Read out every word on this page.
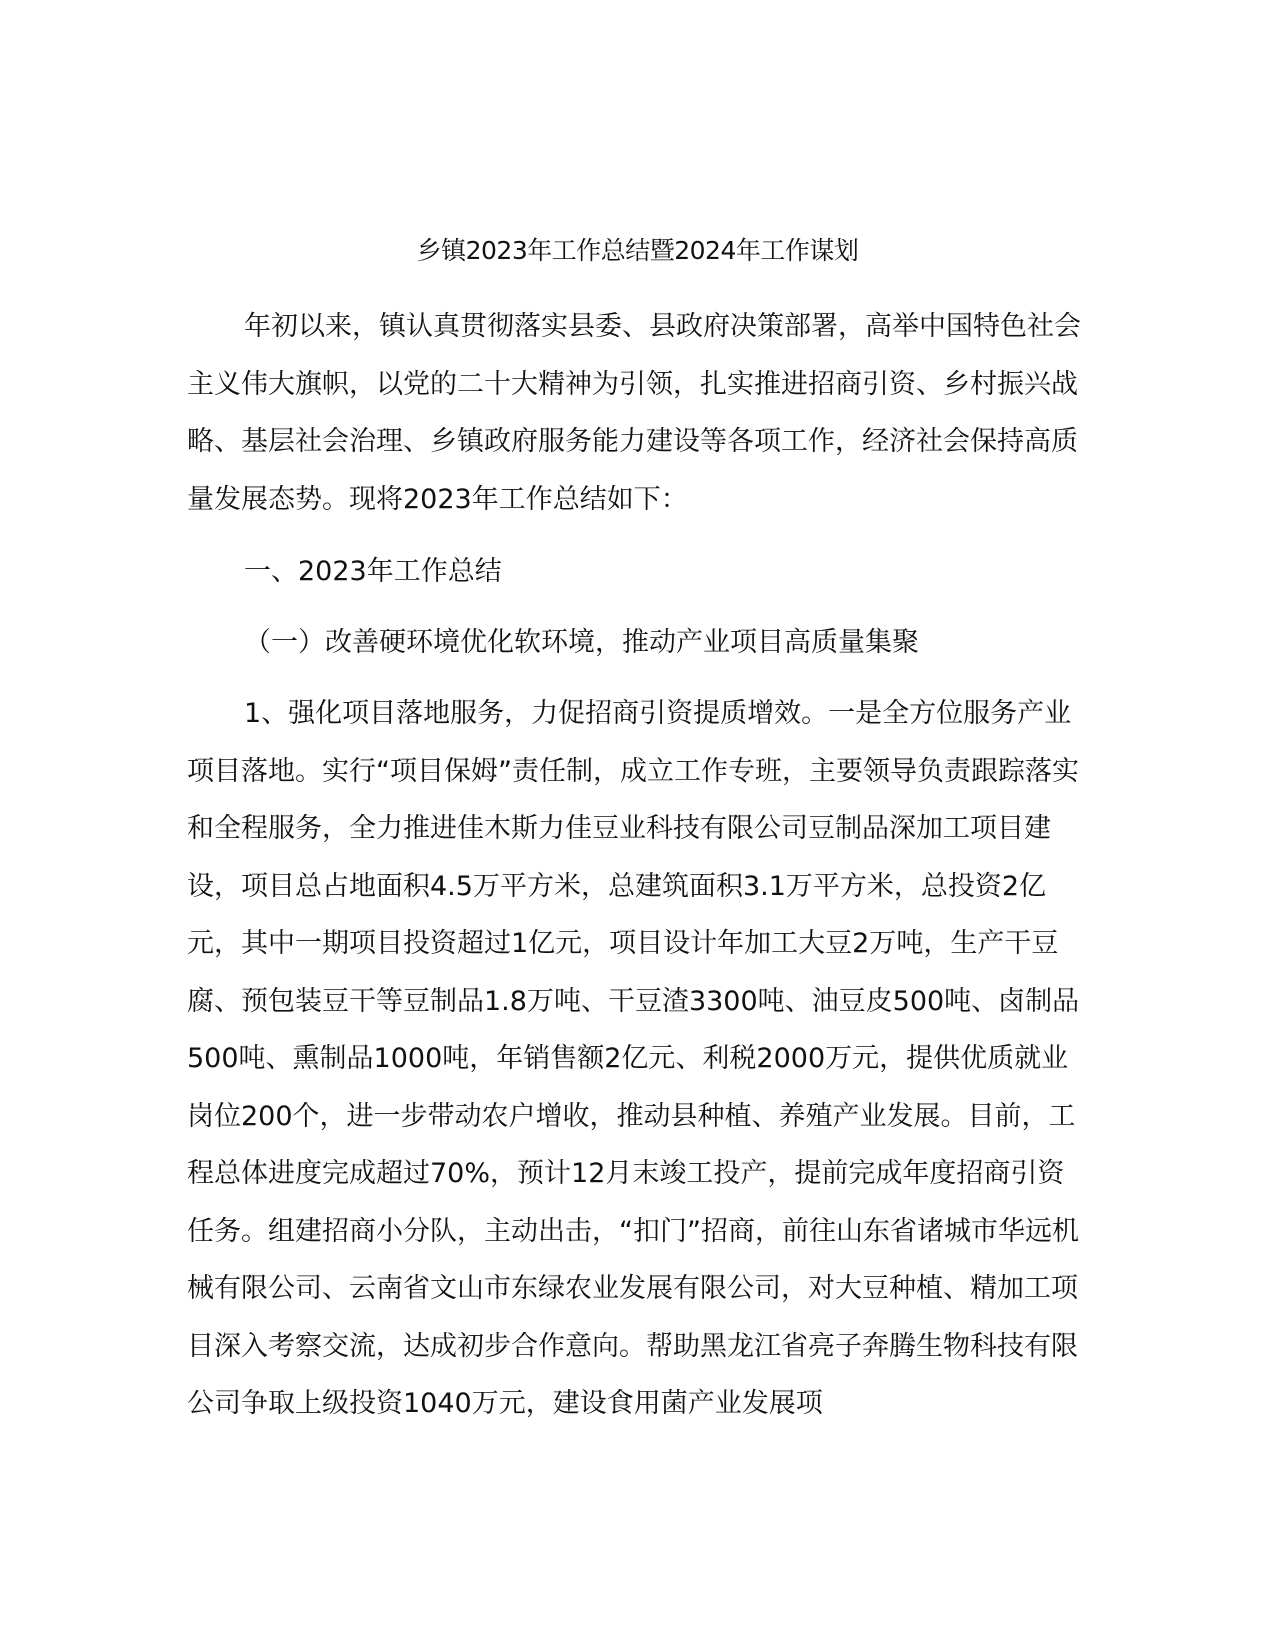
乡镇2023年工作总结暨2024年工作谋划
年初以来，镇认真贯彻落实县委、县政府决策部署，高举中国特色社会主义伟大旗帜，以党的二十大精神为引领，扎实推进招商引资、乡村振兴战略、基层社会治理、乡镇政府服务能力建设等各项工作，经济社会保持高质量发展态势。现将2023年工作总结如下：
一、2023年工作总结
（一）改善硬环境优化软环境，推动产业项目高质量集聚
1、强化项目落地服务，力促招商引资提质增效。一是全方位服务产业项目落地。实行“项目保姆”责任制，成立工作专班，主要领导负责跟踪落实和全程服务，全力推进佳木斯力佳豆业科技有限公司豆制品深加工项目建设，项目总占地面积4.5万平方米，总建筑面积3.1万平方米，总投资2亿元，其中一期项目投资超过1亿元，项目设计年加工大豆2万吨，生产干豆腐、预包装豆干等豆制品1.8万吨、干豆渣3300吨、油豆皮500吨、卤制品500吨、熏制品1000吨，年销售额2亿元、利税2000万元，提供优质就业岗位200个，进一步带动农户增收，推动县种植、养殖产业发展。目前，工程总体进度完成超过70%，预计12月末竣工投产，提前完成年度招商引资任务。组建招商小分队，主动出击，“扣门”招商，前往山东省诸城市华远机械有限公司、云南省文山市东绿农业发展有限公司，对大豆种植、精加工项目深入考察交流，达成初步合作意向。帮助黑龙江省亮子奔腾生物科技有限公司争取上级投资1040万元，建设食用菌产业发展项
